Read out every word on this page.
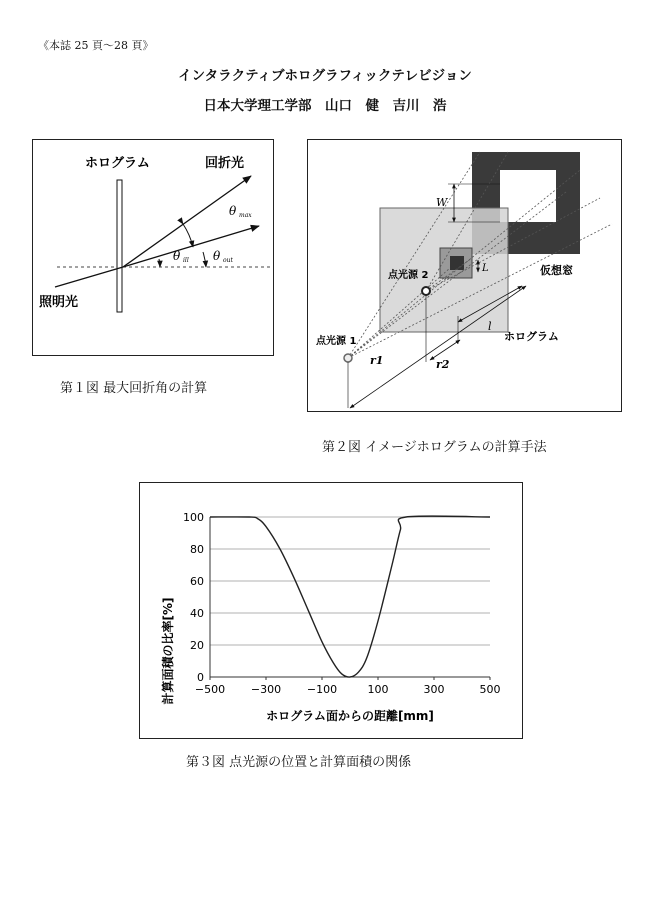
《本誌 25 頁〜28 頁》
インタラクティブホログラフィックテレビジョン
日本大学理工学部　山口　健　吉川　浩
ホログラム	回折光
照明光
θ max
θ ill θ out
第１図 最大回折角の計算
W
L
点光源 2	仮想窓
ホログラム
点光源 1
l
r1	r2
第２図 イメージホログラムの計算手法
計算面積の比率[%]
ホログラム面からの距離[mm]
0
20
40
60
80
100
−500 −300 −100	100	300	500
第３図 点光源の位置と計算面積の関係
